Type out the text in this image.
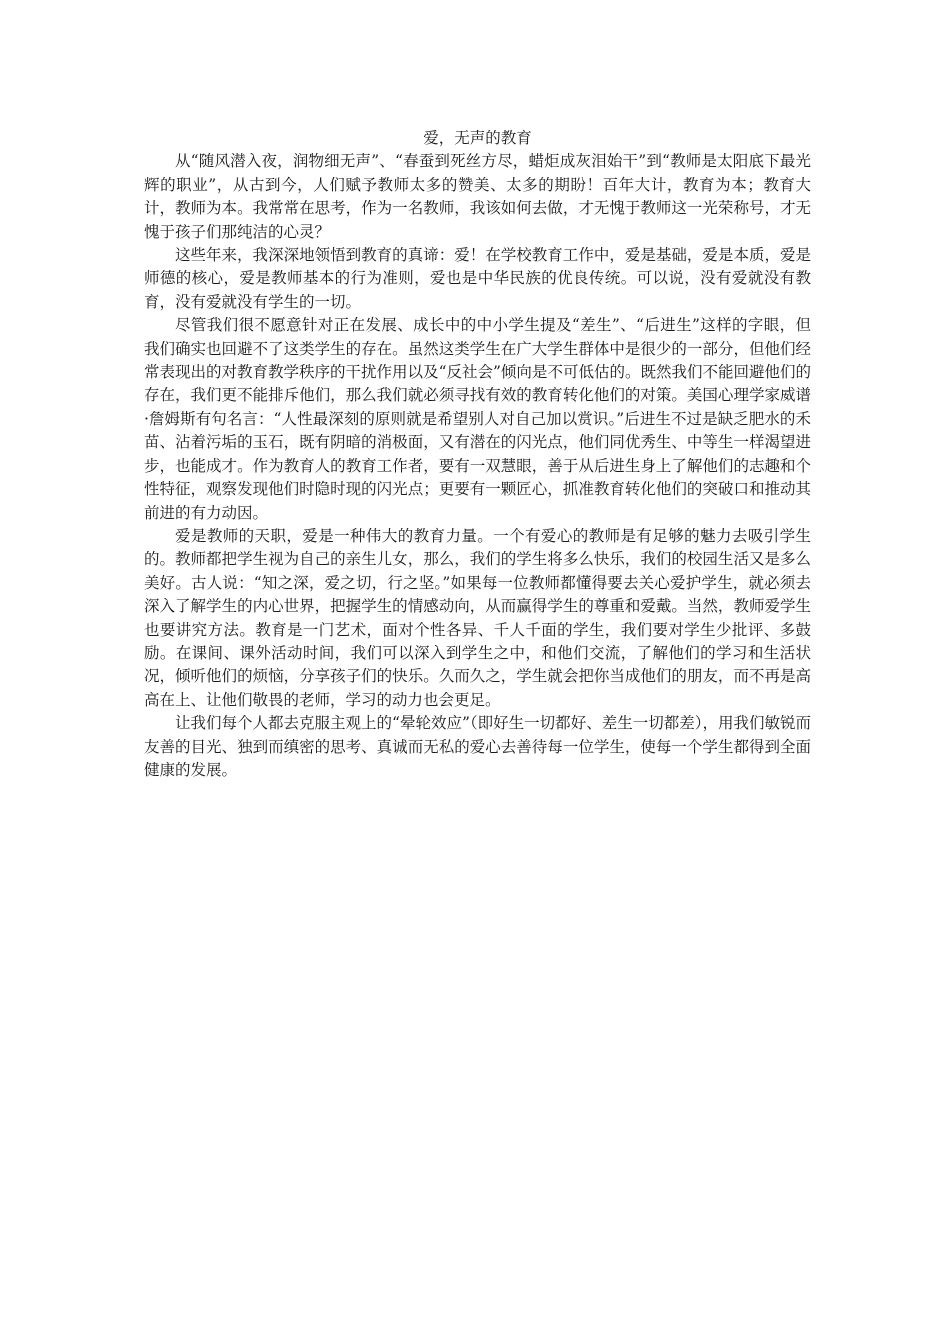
爱，无声的教育

从“随风潜入夜，润物细无声”、“春蚕到死丝方尽，蜡炬成灰泪始干”到“教师是太阳底下最光辉的职业”，从古到今，人们赋予教师太多的赞美、太多的期盼！百年大计，教育为本；教育大计，教师为本。我常常在思考，作为一名教师，我该如何去做，才无愧于教师这一光荣称号，才无愧于孩子们那纯洁的心灵？

这些年来，我深深地领悟到教育的真谛：爱！在学校教育工作中，爱是基础，爱是本质，爱是师德的核心，爱是教师基本的行为准则，爱也是中华民族的优良传统。可以说，没有爱就没有教育，没有爱就没有学生的一切。

尽管我们很不愿意针对正在发展、成长中的中小学生提及“差生”、“后进生”这样的字眼，但我们确实也回避不了这类学生的存在。虽然这类学生在广大学生群体中是很少的一部分，但他们经常表现出的对教育教学秩序的干扰作用以及“反社会”倾向是不可低估的。既然我们不能回避他们的存在，我们更不能排斥他们，那么我们就必须寻找有效的教育转化他们的对策。美国心理学家威谱·詹姆斯有句名言：“人性最深刻的原则就是希望别人对自己加以赏识。”后进生不过是缺乏肥水的禾苗、沾着污垢的玉石，既有阴暗的消极面，又有潜在的闪光点，他们同优秀生、中等生一样渴望进步，也能成才。作为教育人的教育工作者，要有一双慧眼，善于从后进生身上了解他们的志趣和个性特征，观察发现他们时隐时现的闪光点；更要有一颗匠心，抓准教育转化他们的突破口和推动其前进的有力动因。

爱是教师的天职，爱是一种伟大的教育力量。一个有爱心的教师是有足够的魅力去吸引学生的。教师都把学生视为自己的亲生儿女，那么，我们的学生将多么快乐，我们的校园生活又是多么美好。古人说：“知之深，爱之切，行之坚。”如果每一位教师都懂得要去关心爱护学生，就必须去深入了解学生的内心世界，把握学生的情感动向，从而赢得学生的尊重和爱戴。当然，教师爱学生也要讲究方法。教育是一门艺术，面对个性各异、千人千面的学生，我们要对学生少批评、多鼓励。在课间、课外活动时间，我们可以深入到学生之中，和他们交流，了解他们的学习和生活状况，倾听他们的烦恼，分享孩子们的快乐。久而久之，学生就会把你当成他们的朋友，而不再是高高在上、让他们敬畏的老师，学习的动力也会更足。

让我们每个人都去克服主观上的“晕轮效应”（即好生一切都好、差生一切都差），用我们敏锐而友善的目光、独到而缜密的思考、真诚而无私的爱心去善待每一位学生，使每一个学生都得到全面健康的发展。
